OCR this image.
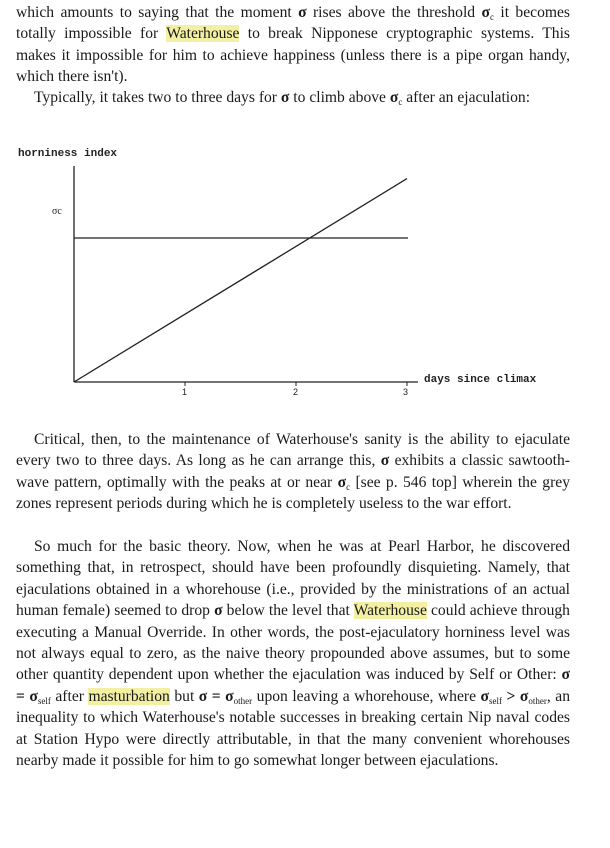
which amounts to saying that the moment σ rises above the threshold $\sigma_c$ it becomes totally impossible for Waterhouse to break Nipponese cryptographic systems. This makes it impossible for him to achieve happiness (unless there is a pipe organ handy, which there isn't).

Typically, it takes two to three days for σ to climb above $\sigma_c$ after an ejaculation:

horniness index
days since climax
σc
1	2	3

Critical, then, to the maintenance of Waterhouse's sanity is the ability to ejaculate every two to three days. As long as he can arrange this, σ exhibits a classic sawtooth-wave pattern, optimally with the peaks at or near $\sigma_c$ [see p. 546 top] wherein the grey zones represent periods during which he is completely useless to the war effort.

So much for the basic theory. Now, when he was at Pearl Harbor, he discovered something that, in retrospect, should have been profoundly disquieting. Namely, that ejaculations obtained in a whorehouse (i.e., provided by the ministrations of an actual human female) seemed to drop σ below the level that Waterhouse could achieve through executing a Manual Override. In other words, the post-ejaculatory horniness level was not always equal to zero, as the naive theory propounded above assumes, but to some other quantity dependent upon whether the ejaculation was induced by Self or Other: $\sigma = \sigma_{self}$ after masturbation but $\sigma = \sigma_{other}$ upon leaving a whorehouse, where $\sigma_{self} > \sigma_{other}$, an inequality to which Waterhouse's notable successes in breaking certain Nip naval codes at Station Hypo were directly attributable, in that the many convenient whorehouses nearby made it possible for him to go somewhat longer between ejaculations.
